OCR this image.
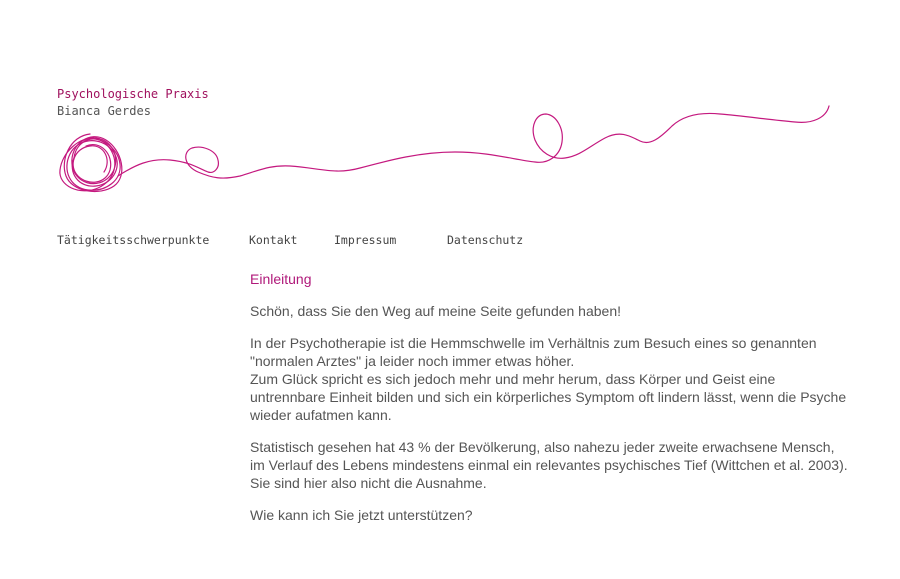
Psychologische Praxis
Bianca Gerdes
Tätigkeitsschwerpunkte	Kontakt	Impressum	Datenschutz
Einleitung

Schön, dass Sie den Weg auf meine Seite gefunden haben!

In der Psychotherapie ist die Hemmschwelle im Verhältnis zum Besuch eines so genannten
"normalen Arztes" ja leider noch immer etwas höher.
Zum Glück spricht es sich jedoch mehr und mehr herum, dass Körper und Geist eine
untrennbare Einheit bilden und sich ein körperliches Symptom oft lindern lässt, wenn die Psyche
wieder aufatmen kann.

Statistisch gesehen hat 43 % der Bevölkerung, also nahezu jeder zweite erwachsene Mensch,
im Verlauf des Lebens mindestens einmal ein relevantes psychisches Tief (Wittchen et al. 2003).
Sie sind hier also nicht die Ausnahme.

Wie kann ich Sie jetzt unterstützen?
